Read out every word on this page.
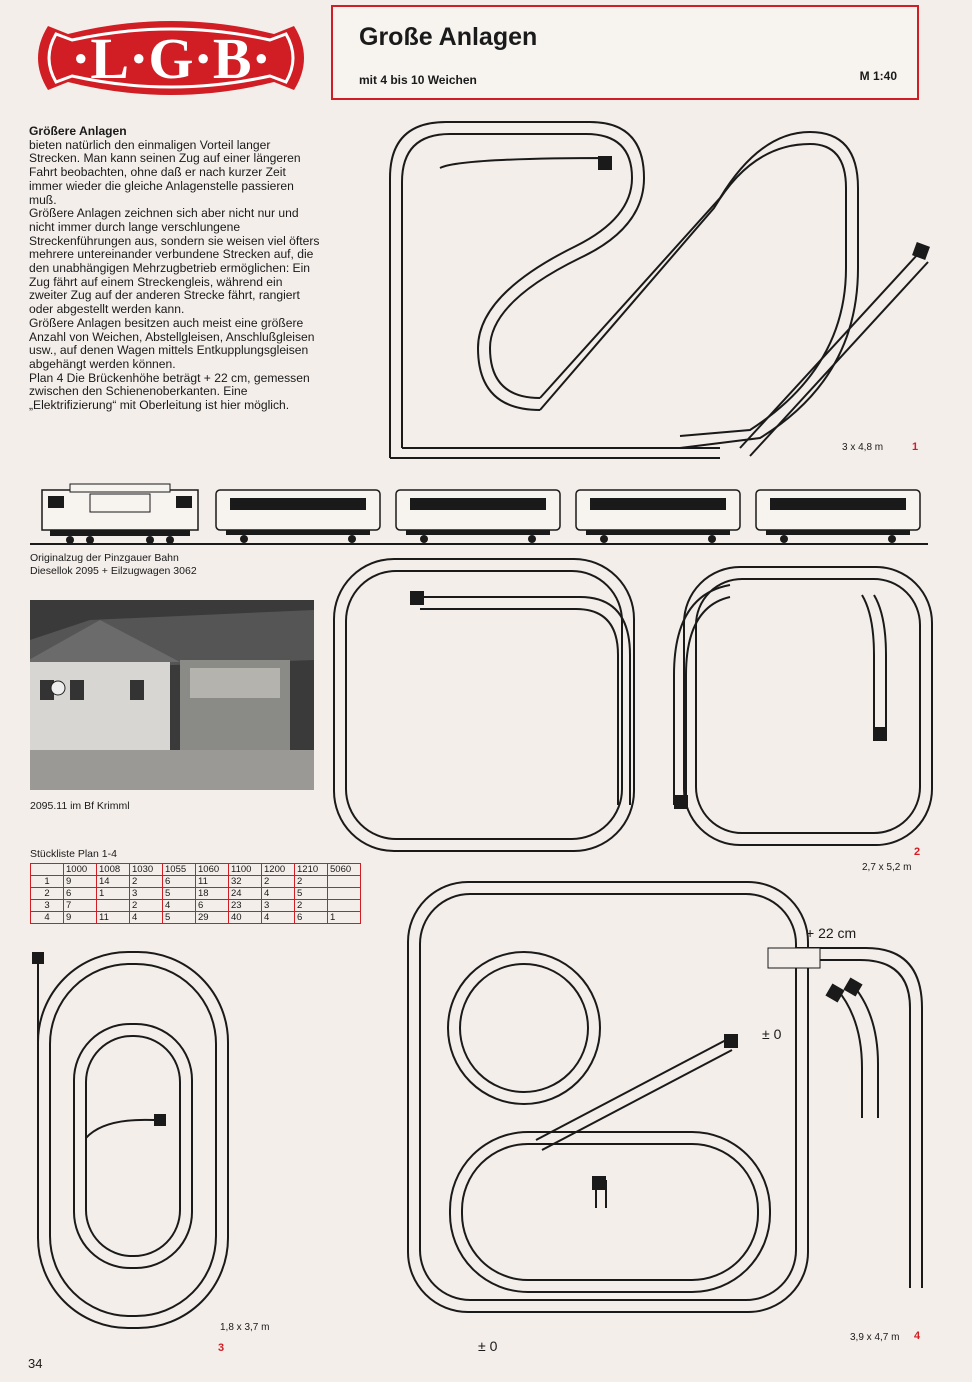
·L·G·B·	Große Anlagen
mit 4 bis 10 Weichen	M 1:40

Größere Anlagen

bieten natürlich den einmaligen Vorteil langer Strecken. Man kann seinen Zug auf einer längeren Fahrt beobachten, ohne daß er nach kurzer Zeit immer wieder die gleiche Anlagenstelle passieren muß.

Größere Anlagen zeichnen sich aber nicht nur und nicht immer durch lange verschlungene Streckenführungen aus, sondern sie weisen viel öfters mehrere untereinander verbundene Strecken auf, die den unabhängigen Mehrzugbetrieb ermöglichen: Ein Zug fährt auf einem Streckengleis, während ein zweiter Zug auf der anderen Strecke fährt, rangiert oder abgestellt werden kann.

Größere Anlagen besitzen auch meist eine größere Anzahl von Weichen, Abstellgleisen, Anschlußgleisen usw., auf denen Wagen mittels Entkupplungsgleisen abgehängt werden können.

Plan 4 Die Brückenhöhe beträgt + 22 cm, gemessen zwischen den Schienenoberkanten. Eine „Elektrifizierung“ mit Oberleitung ist hier möglich.

Originalzug der Pinzgauer Bahn
Diesellok 2095 + Eilzugwagen 3062
2095.11 im Bf Krimml
Stückliste Plan 1-4
	1000	1008	1030	1055	1060	1100	1200	1210	5060
1	9	14	2	6	11	32	2	2	
2	6	1	3	5	18	24	4	5	
3	7		2	4	6	23	3	2	
4	9	11	4	5	29	40	4	6	1
3 x 4,8 m	1
2
2,7 x 5,2 m
1,8 x 3,7 m
3
+ 22 cm
± 0
± 0
3,9 x 4,7 m 4
34
